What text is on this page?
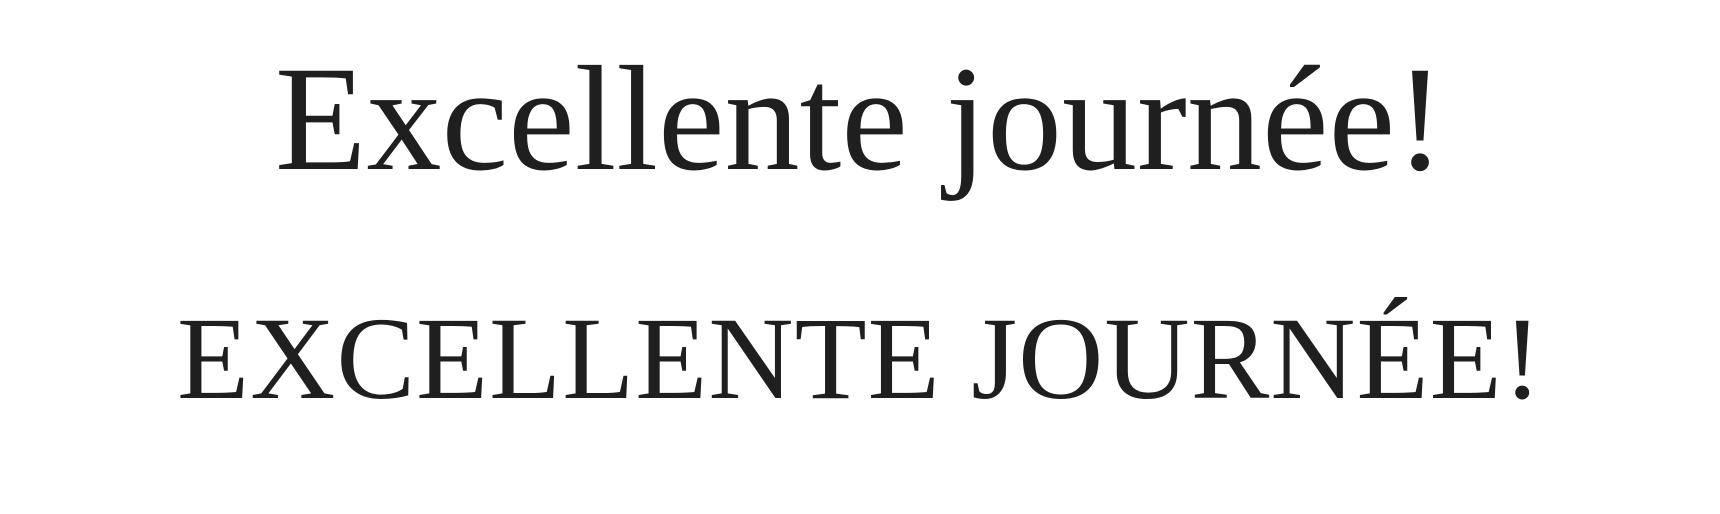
Excellente journée!
EXCELLENTE JOURNÉE!
